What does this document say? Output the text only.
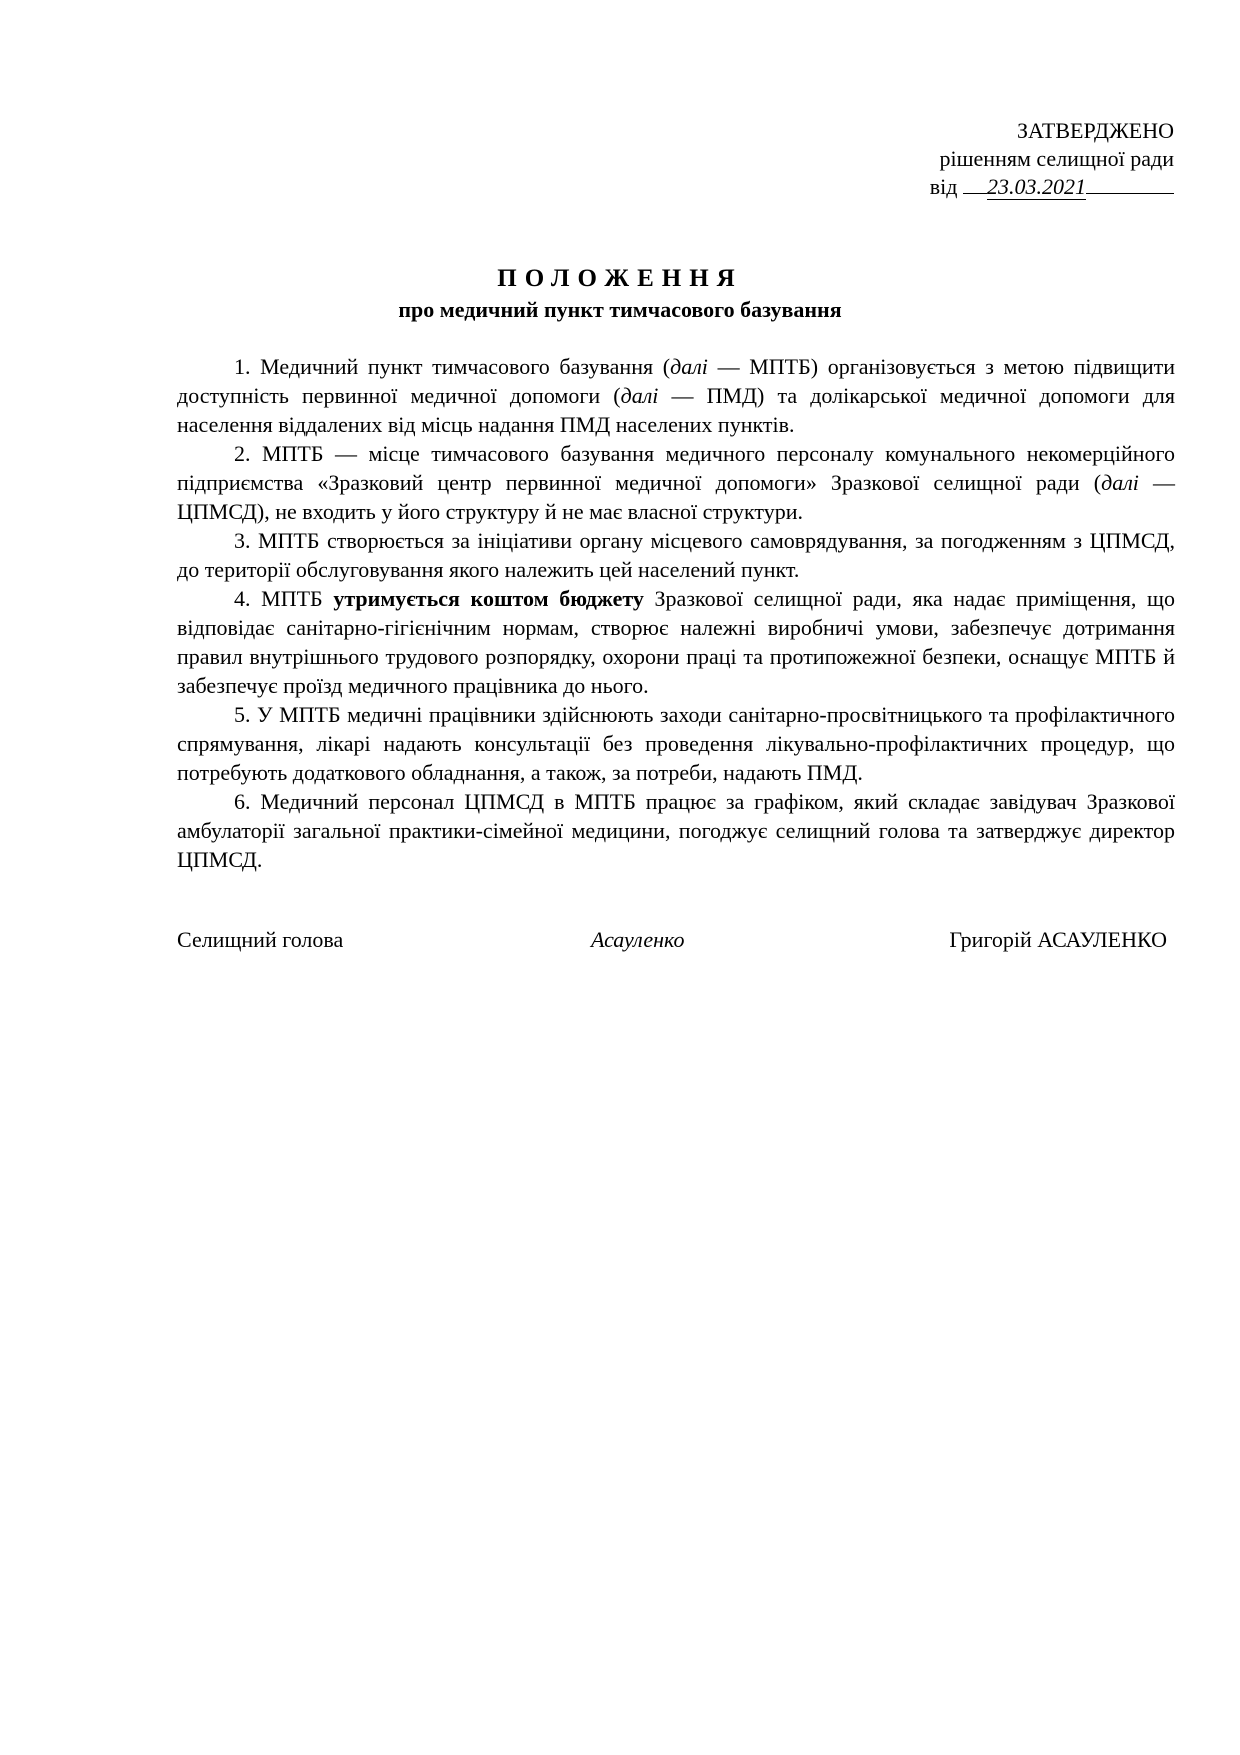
ЗАТВЕРДЖЕНО
рішенням селищної ради
від 23.03.2021

ПОЛОЖЕННЯ

про медичний пункт тимчасового базування

1. Медичний пункт тимчасового базування (далі — МПТБ) організовується з метою підвищити доступність первинної медичної допомоги (далі — ПМД) та долікарської медичної допомоги для населення віддалених від місць надання ПМД населених пунктів.

2. МПТБ — місце тимчасового базування медичного персоналу комунального некомерційного підприємства «Зразковий центр первинної медичної допомоги» Зразкової селищної ради (далі — ЦПМСД), не входить у його структуру й не має власної структури.

3. МПТБ створюється за ініціативи органу місцевого самоврядування, за погодженням з ЦПМСД, до території обслуговування якого належить цей населений пункт.

4. МПТБ утримується коштом бюджету Зразкової селищної ради, яка надає приміщення, що відповідає санітарно-гігієнічним нормам, створює належні виробничі умови, забезпечує дотримання правил внутрішнього трудового розпорядку, охорони праці та протипожежної безпеки, оснащує МПТБ й забезпечує проїзд медичного працівника до нього.

5. У МПТБ медичні працівники здійснюють заходи санітарно-просвітницького та профілактичного спрямування, лікарі надають консультації без проведення лікувально-профілактичних процедур, що потребують додаткового обладнання, а також, за потреби, надають ПМД.

6. Медичний персонал ЦПМСД в МПТБ працює за графіком, який складає завідувач Зразкової амбулаторії загальної практики-сімейної медицини, погоджує селищний голова та затверджує директор ЦПМСД.

Селищний голова	Асауленко	Григорій АСАУЛЕНКО
